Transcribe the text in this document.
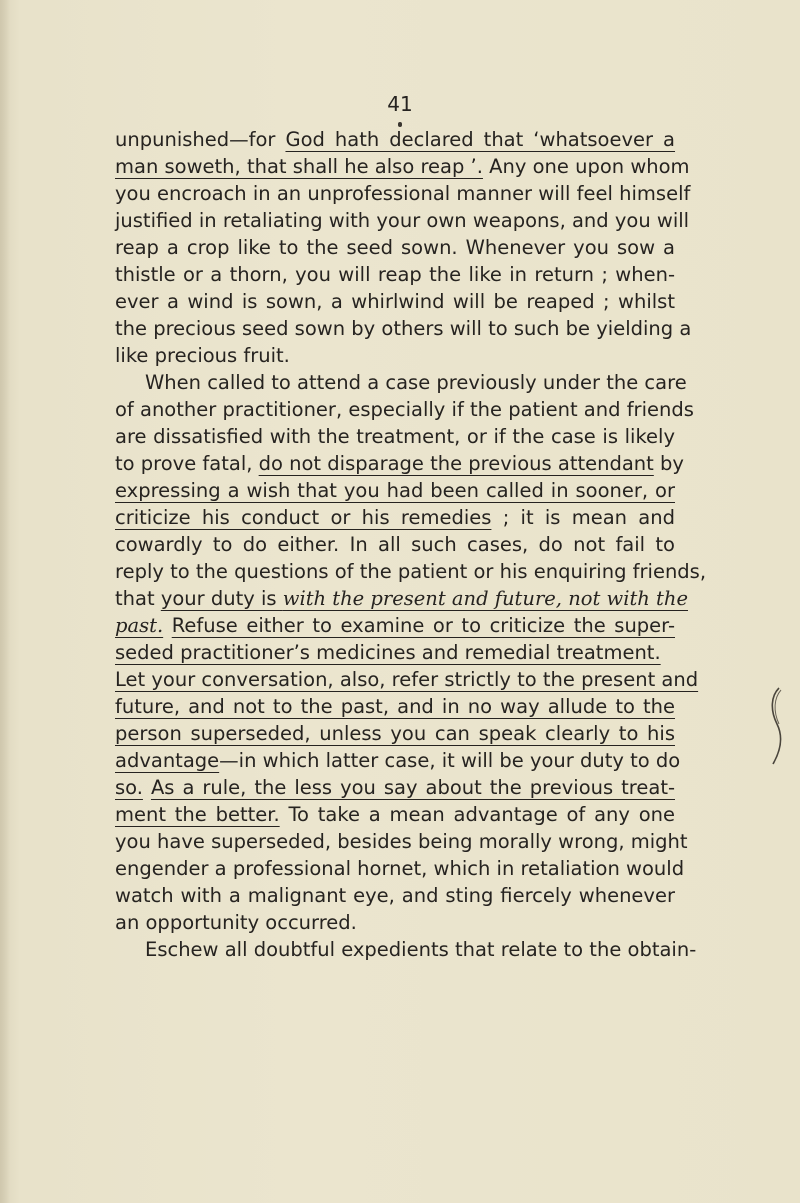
41
unpunished—for God hath declared that ‘whatsoever a
man soweth, that shall he also reap ’. Any one upon whom
you encroach in an unprofessional manner will feel himself
justified in retaliating with your own weapons, and you will
reap a crop like to the seed sown. Whenever you sow a
thistle or a thorn, you will reap the like in return ; when-
ever a wind is sown, a whirlwind will be reaped ; whilst
the precious seed sown by others will to such be yielding a
like precious fruit.
When called to attend a case previously under the care
of another practitioner, especially if the patient and friends
are dissatisfied with the treatment, or if the case is likely
to prove fatal, do not disparage the previous attendant by
expressing a wish that you had been called in sooner, or
criticize his conduct or his remedies ; it is mean and
cowardly to do either. In all such cases, do not fail to
reply to the questions of the patient or his enquiring friends,
that your duty is with the present and future, not with the
past. Refuse either to examine or to criticize the super-
seded practitioner’s medicines and remedial treatment.
Let your conversation, also, refer strictly to the present and
future, and not to the past, and in no way allude to the
person superseded, unless you can speak clearly to his
advantage—in which latter case, it will be your duty to do
so. As a rule, the less you say about the previous treat-
ment the better. To take a mean advantage of any one
you have superseded, besides being morally wrong, might
engender a professional hornet, which in retaliation would
watch with a malignant eye, and sting fiercely whenever
an opportunity occurred.
Eschew all doubtful expedients that relate to the obtain-
